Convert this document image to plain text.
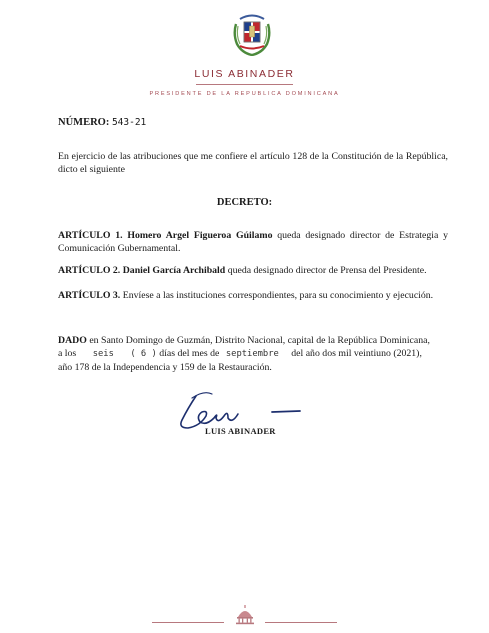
LUIS ABINADER
PRESIDENTE DE LA REPUBLICA DOMINICANA
NÚMERO: 543-21
En ejercicio de las atribuciones que me confiere el artículo 128 de la Constitución de la República, dicto el siguiente
DECRETO:
ARTÍCULO 1. Homero Argel Figueroa Gúilamo queda designado director de Estrategia y Comunicación Gubernamental.
ARTÍCULO 2. Daniel García Archibald queda designado director de Prensa del Presidente.
ARTÍCULO 3. Envíese a las instituciones correspondientes, para su conocimiento y ejecución.
DADO en Santo Domingo de Guzmán, Distrito Nacional, capital de la República Dominicana,
a los seis ( 6 ) días del mes de septiembre del año dos mil veintiuno (2021),
año 178 de la Independencia y 159 de la Restauración.
LUIS ABINADER
